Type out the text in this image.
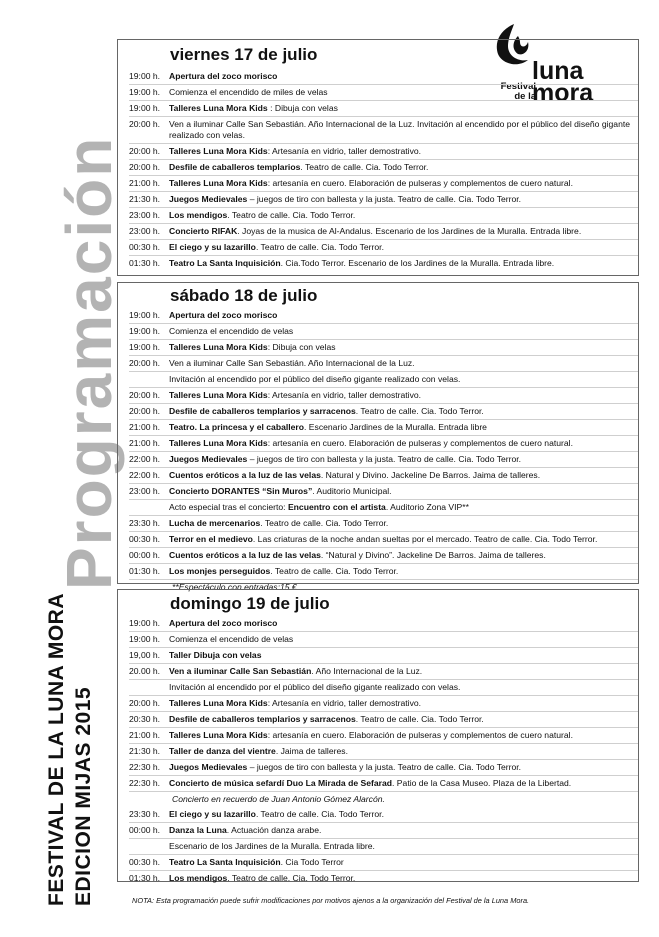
Programación
FESTIVAL DE LA LUNA MORA EDICION MIJAS 2015
luna
mora
Festival
de la
viernes 17 de julio
19:00 h.	Apertura del zoco morisco
19:00 h.	Comienza el encendido de miles de velas
19:00 h.	Talleres Luna Mora Kids : Dibuja con velas
20:00 h.	Ven a iluminar Calle San Sebastián. Año Internacional de la Luz. Invitación al encendido por el público del diseño gigante realizado con velas.
20:00 h.	Talleres Luna Mora Kids: Artesanía en vidrio, taller demostrativo.
20:00 h.	Desfile de caballeros templarios. Teatro de calle. Cia. Todo Terror.
21:00 h.	Talleres Luna Mora Kids: artesanía en cuero. Elaboración de pulseras y complementos de cuero natural.
21:30 h.	Juegos Medievales – juegos de tiro con ballesta y la justa. Teatro de calle. Cia. Todo Terror.
23:00 h.	Los mendigos. Teatro de calle. Cia. Todo Terror.
23:00 h.	Concierto RIFAK. Joyas de la musica de Al-Andalus. Escenario de los Jardines de la Muralla. Entrada libre.
00:30 h.	El ciego y su lazarillo. Teatro de calle. Cia. Todo Terror.
01:30 h.	Teatro La Santa Inquisición. Cia.Todo Terror. Escenario de los Jardines de la Muralla. Entrada libre.
sábado 18 de julio
19:00 h.	Apertura del zoco morisco
19:00 h.	Comienza el encendido de velas
19:00 h.	Talleres Luna Mora Kids: Dibuja con velas
20:00 h.	Ven a iluminar Calle San Sebastián. Año Internacional de la Luz.
Invitación al encendido por el público del diseño gigante realizado con velas.
20:00 h.	Talleres Luna Mora Kids: Artesanía en vidrio, taller demostrativo.
20:00 h.	Desfile de caballeros templarios y sarracenos. Teatro de calle. Cia. Todo Terror.
21:00 h.	Teatro. La princesa y el caballero. Escenario Jardines de la Muralla. Entrada libre
21:00 h.	Talleres Luna Mora Kids: artesanía en cuero. Elaboración de pulseras y complementos de cuero natural.
22:00 h.	Juegos Medievales – juegos de tiro con ballesta y la justa. Teatro de calle. Cia. Todo Terror.
22:00 h.	Cuentos eróticos a la luz de las velas. Natural y Divino. Jackeline De Barros. Jaima de talleres.
23:00 h.	Concierto DORANTES “Sin Muros”. Auditorio Municipal.
Acto especial tras el concierto: Encuentro con el artista. Auditorio Zona VIP**
23:30 h.	Lucha de mercenarios. Teatro de calle. Cia. Todo Terror.
00:30 h.	Terror en el medievo. Las criaturas de la noche andan sueltas por el mercado. Teatro de calle. Cia. Todo Terror.
00:00 h.	Cuentos eróticos a la luz de las velas. “Natural y Divino”. Jackeline De Barros. Jaima de talleres.
01:30 h.	Los monjes perseguidos. Teatro de calle. Cia. Todo Terror.
**Espectáculo con entradas:15 €
domingo 19 de julio
19:00 h.	Apertura del zoco morisco
19:00 h.	Comienza el encendido de velas
19,00 h.	Taller Dibuja con velas
20.00 h.	Ven a iluminar Calle San Sebastián. Año Internacional de la Luz.
Invitación al encendido por el público del diseño gigante realizado con velas.
20:00 h.	Talleres Luna Mora Kids: Artesanía en vidrio, taller demostrativo.
20:30 h.	Desfile de caballeros templarios y sarracenos. Teatro de calle. Cia. Todo Terror.
21:00 h.	Talleres Luna Mora Kids: artesanía en cuero. Elaboración de pulseras y complementos de cuero natural.
21:30 h.	Taller de danza del vientre. Jaima de talleres.
22:30 h.	Juegos Medievales – juegos de tiro con ballesta y la justa. Teatro de calle. Cia. Todo Terror.
22:30 h.	Concierto de música sefardí Duo La Mirada de Sefarad. Patio de la Casa Museo. Plaza de la Libertad.
Concierto en recuerdo de Juan Antonio Gómez Alarcón.
23:30 h.	El ciego y su lazarillo. Teatro de calle. Cia. Todo Terror.
00:00 h.	Danza la Luna. Actuación danza arabe.
Escenario de los Jardines de la Muralla. Entrada libre.
00:30 h.	Teatro La Santa Inquisición. Cia Todo Terror
01:30 h.	Los mendigos. Teatro de calle. Cia. Todo Terror.
NOTA: Esta programación puede sufrir modificaciones por motivos ajenos a la organización del Festival de la Luna Mora.
